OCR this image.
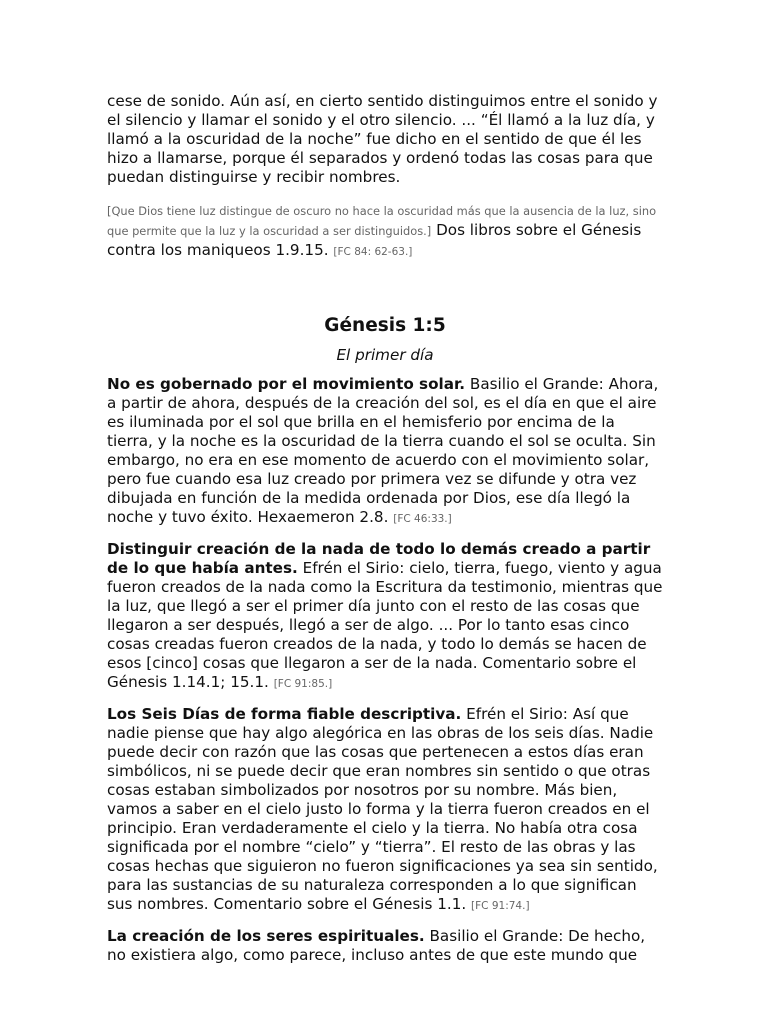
cese de sonido. Aún así, en cierto sentido distinguimos entre el sonido y el silencio y llamar el sonido y el otro silencio. ... “Él llamó a la luz día, y llamó a la oscuridad de la noche” fue dicho en el sentido de que él les hizo a llamarse, porque él separados y ordenó todas las cosas para que puedan distinguirse y recibir nombres.

[Que Dios tiene luz distingue de oscuro no hace la oscuridad más que la ausencia de la luz, sino que permite que la luz y la oscuridad a ser distinguidos.] Dos libros sobre el Génesis contra los maniqueos 1.9.15. [FC 84: 62-63.]

Génesis 1:5

El primer día

No es gobernado por el movimiento solar. Basilio el Grande: Ahora, a partir de ahora, después de la creación del sol, es el día en que el aire es iluminada por el sol que brilla en el hemisferio por encima de la tierra, y la noche es la oscuridad de la tierra cuando el sol se oculta. Sin embargo, no era en ese momento de acuerdo con el movimiento solar, pero fue cuando esa luz creado por primera vez se difunde y otra vez dibujada en función de la medida ordenada por Dios, ese día llegó la noche y tuvo éxito. Hexaemeron 2.8. [FC 46:33.]

Distinguir creación de la nada de todo lo demás creado a partir de lo que había antes. Efrén el Sirio: cielo, tierra, fuego, viento y agua fueron creados de la nada como la Escritura da testimonio, mientras que la luz, que llegó a ser el primer día junto con el resto de las cosas que llegaron a ser después, llegó a ser de algo. ... Por lo tanto esas cinco cosas creadas fueron creados de la nada, y todo lo demás se hacen de esos [cinco] cosas que llegaron a ser de la nada. Comentario sobre el Génesis 1.14.1; 15.1. [FC 91:85.]

Los Seis Días de forma fiable descriptiva. Efrén el Sirio: Así que nadie piense que hay algo alegórica en las obras de los seis días. Nadie puede decir con razón que las cosas que pertenecen a estos días eran simbólicos, ni se puede decir que eran nombres sin sentido o que otras cosas estaban simbolizados por nosotros por su nombre. Más bien, vamos a saber en el cielo justo lo forma y la tierra fueron creados en el principio. Eran verdaderamente el cielo y la tierra. No había otra cosa significada por el nombre “cielo” y “tierra”. El resto de las obras y las cosas hechas que siguieron no fueron significaciones ya sea sin sentido, para las sustancias de su naturaleza corresponden a lo que significan sus nombres. Comentario sobre el Génesis 1.1. [FC 91:74.]

La creación de los seres espirituales. Basilio el Grande: De hecho, no existiera algo, como parece, incluso antes de que este mundo que
